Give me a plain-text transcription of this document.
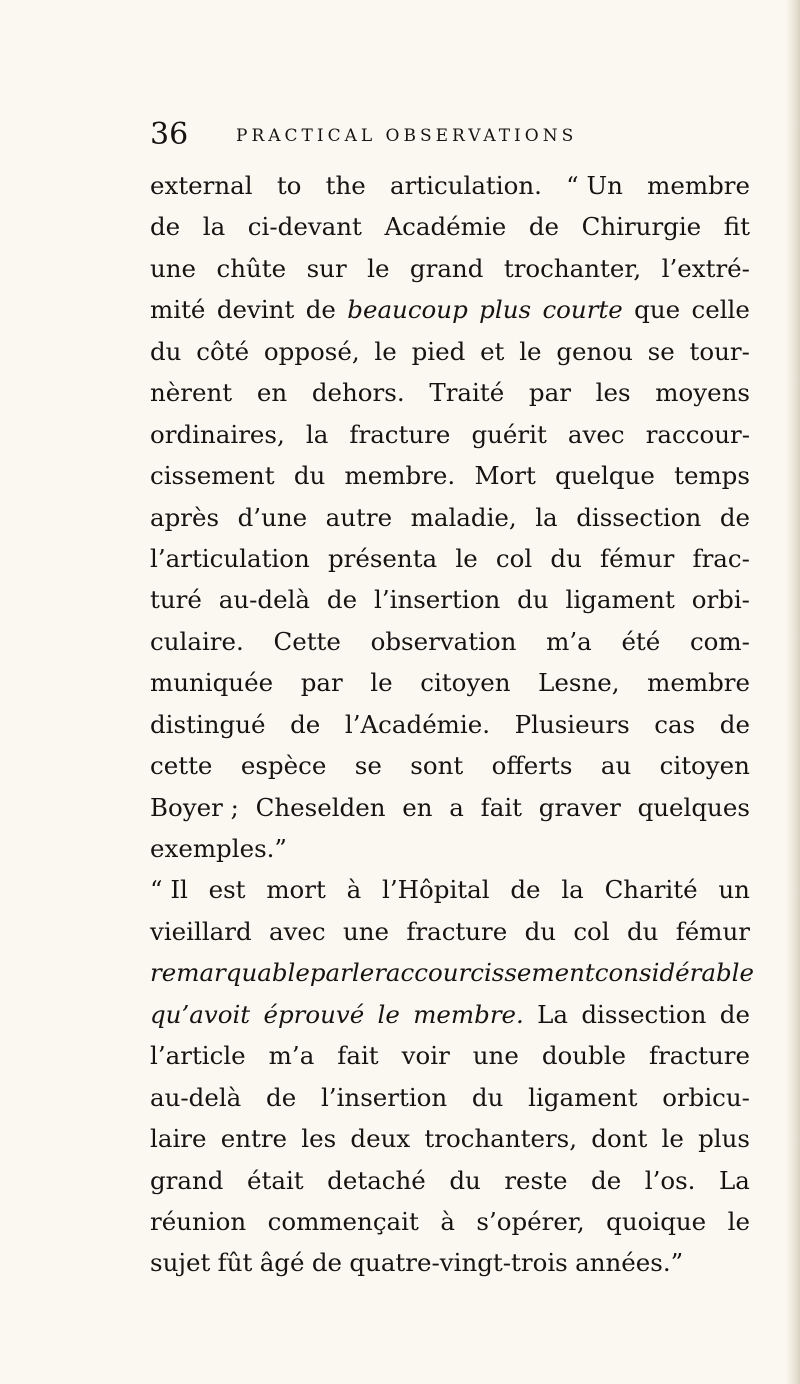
36	PRACTICAL OBSERVATIONS
external to the articulation. “ Un membre
de la ci-devant Académie de Chirurgie fit
une chûte sur le grand trochanter, l’extré-
mité devint de beaucoup plus courte que celle
du côté opposé, le pied et le genou se tour-
nèrent en dehors. Traité par les moyens
ordinaires, la fracture guérit avec raccour-
cissement du membre. Mort quelque temps
après d’une autre maladie, la dissection de
l’articulation présenta le col du fémur frac-
turé au-delà de l’insertion du ligament orbi-
culaire. Cette observation m’a été com-
muniquée par le citoyen Lesne, membre
distingué de l’Académie. Plusieurs cas de
cette espèce se sont offerts au citoyen
Boyer ; Cheselden en a fait graver quelques
exemples.”
“ Il est mort à l’Hôpital de la Charité un
vieillard avec une fracture du col du fémur
remarquable par le raccourcissement considérable
qu’avoit éprouvé le membre. La dissection de
l’article m’a fait voir une double fracture
au-delà de l’insertion du ligament orbicu-
laire entre les deux trochanters, dont le plus
grand était detaché du reste de l’os. La
réunion commençait à s’opérer, quoique le
sujet fût âgé de quatre-vingt-trois années.”
